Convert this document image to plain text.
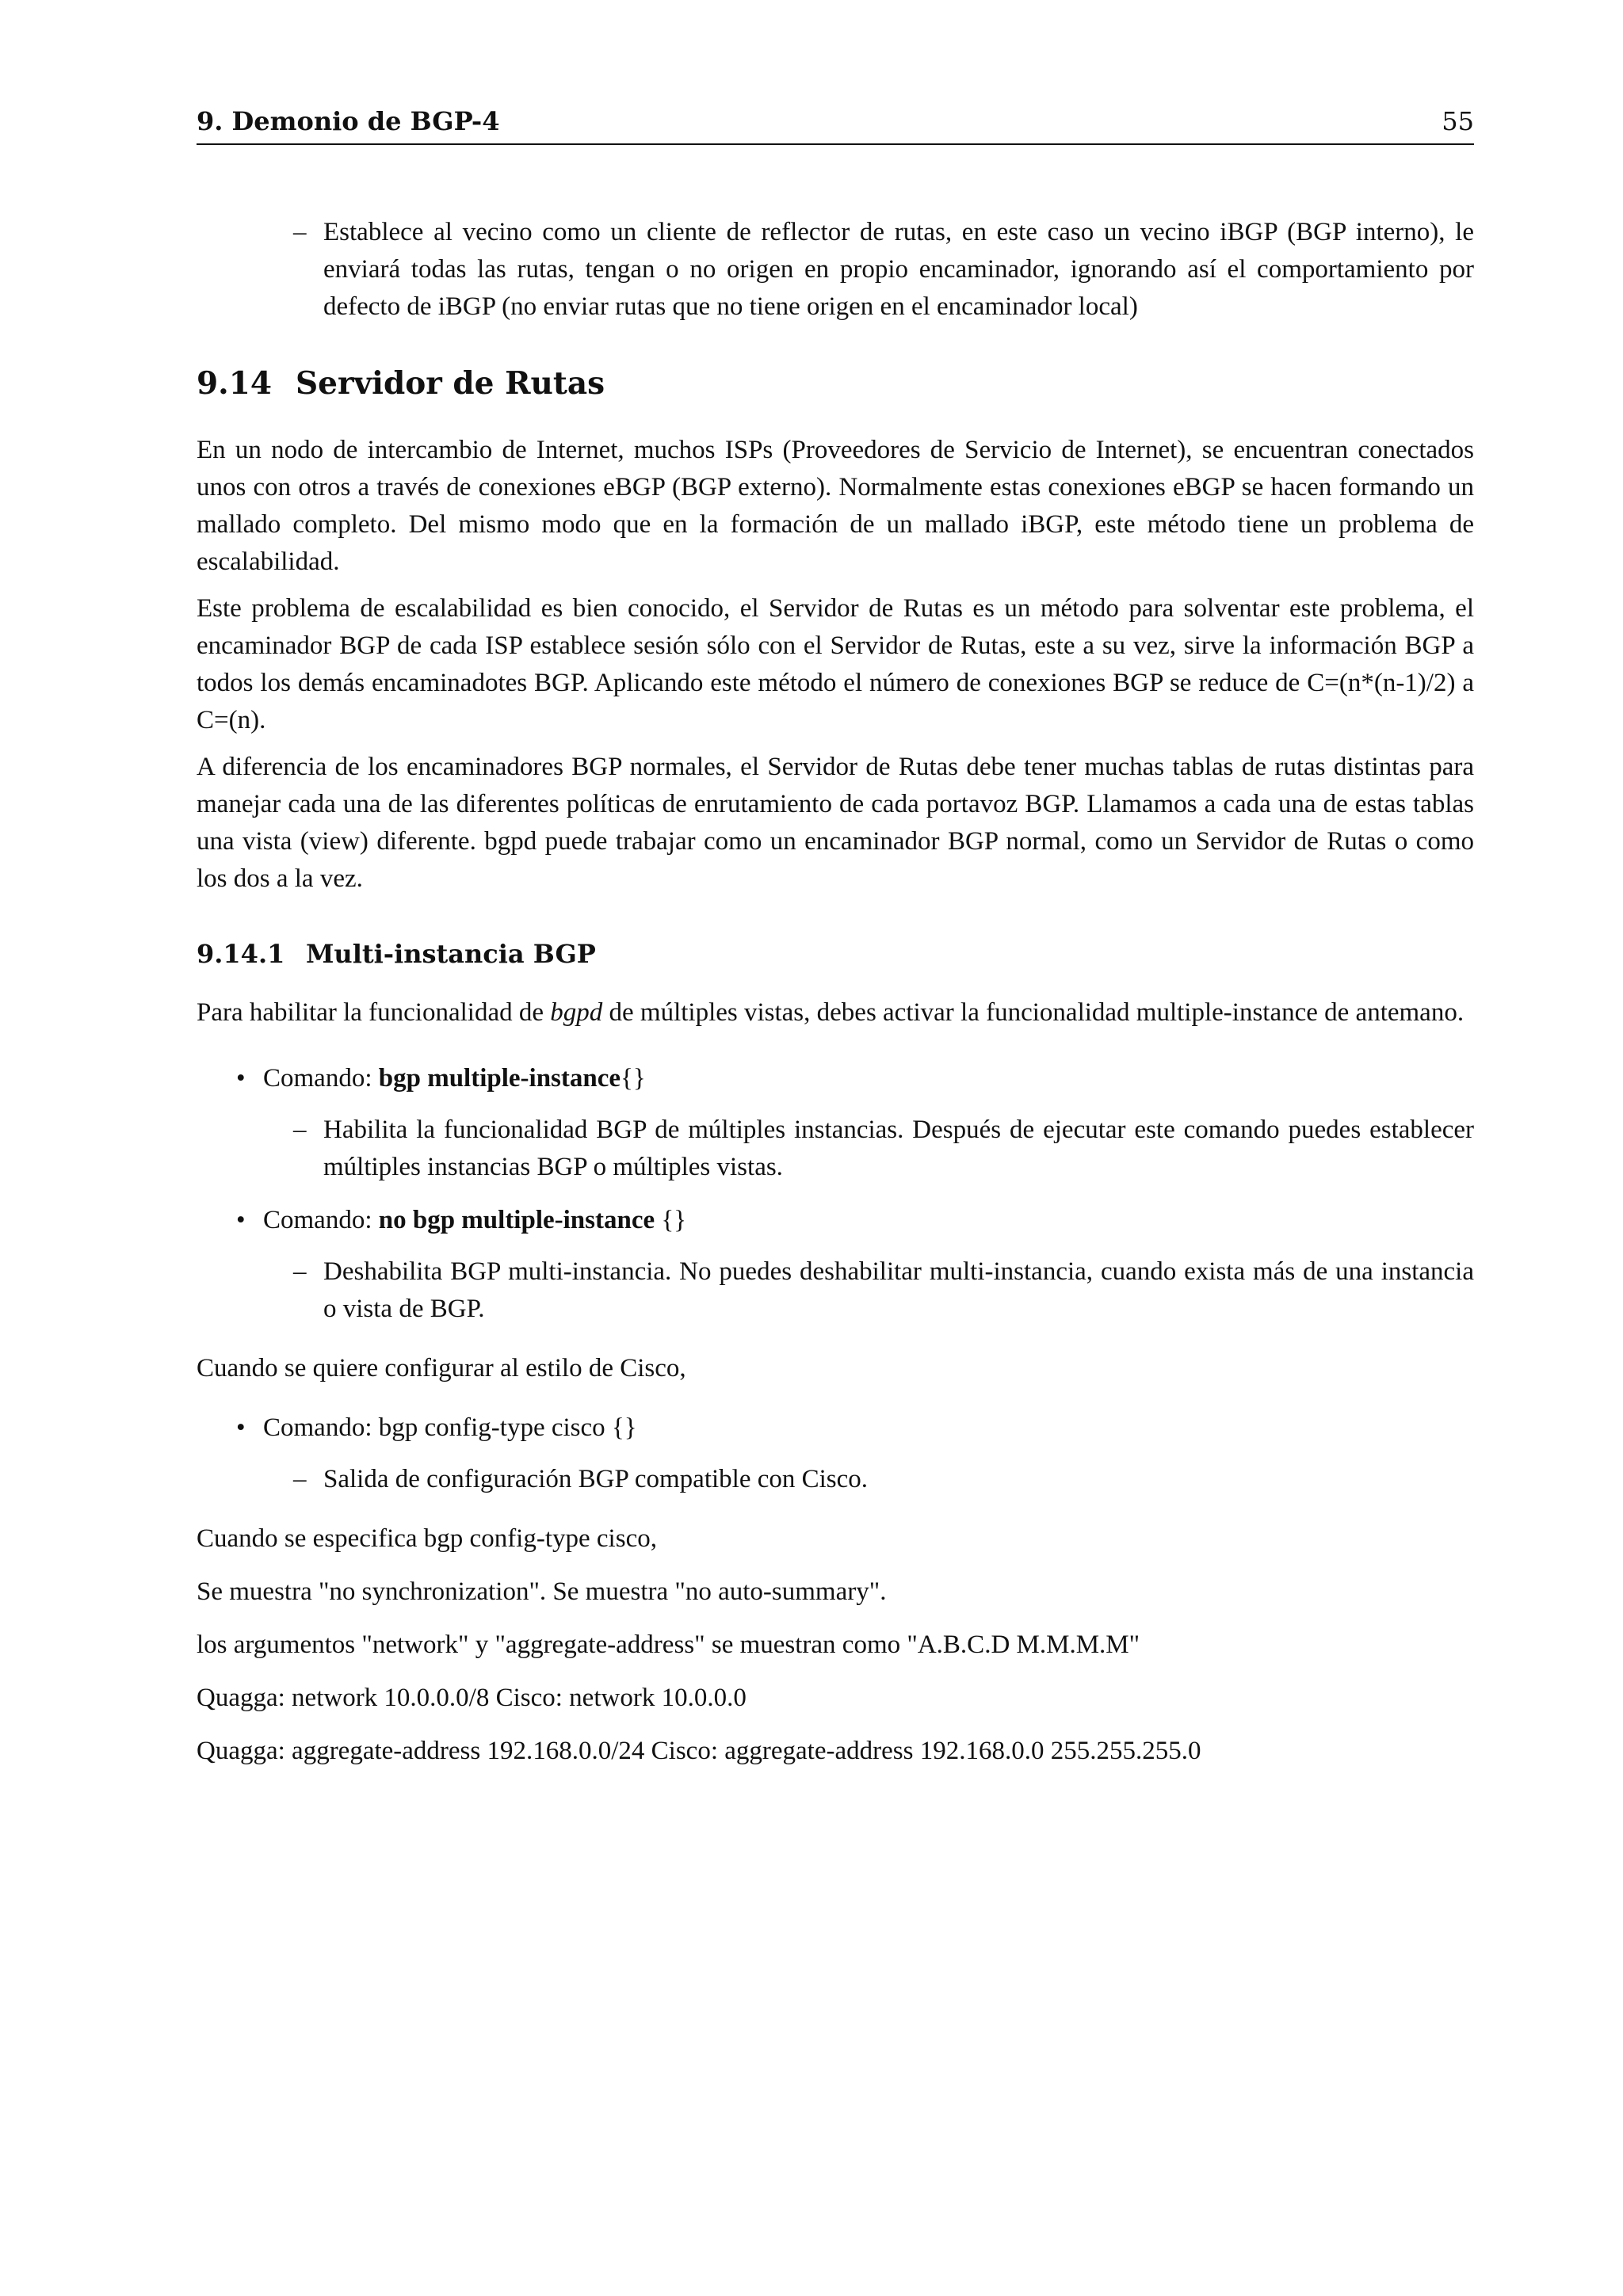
9. Demonio de BGP-4	55
– Establece al vecino como un cliente de reflector de rutas, en este caso un vecino iBGP (BGP interno), le enviará todas las rutas, tengan o no origen en propio encaminador, ignorando así el comportamiento por defecto de iBGP (no enviar rutas que no tiene origen en el encaminador local)

9.14 Servidor de Rutas

En un nodo de intercambio de Internet, muchos ISPs (Proveedores de Servicio de Internet), se encuentran conectados unos con otros a través de conexiones eBGP (BGP externo). Normalmente estas conexiones eBGP se hacen formando un mallado completo. Del mismo modo que en la formación de un mallado iBGP, este método tiene un problema de escalabilidad.

Este problema de escalabilidad es bien conocido, el Servidor de Rutas es un método para solventar este problema, el encaminador BGP de cada ISP establece sesión sólo con el Servidor de Rutas, este a su vez, sirve la información BGP a todos los demás encaminadotes BGP. Aplicando este método el número de conexiones BGP se reduce de C=(n*(n-1)/2) a C=(n).

A diferencia de los encaminadores BGP normales, el Servidor de Rutas debe tener muchas tablas de rutas distintas para manejar cada una de las diferentes políticas de enrutamiento de cada portavoz BGP. Llamamos a cada una de estas tablas una vista (view) diferente. bgpd puede trabajar como un encaminador BGP normal, como un Servidor de Rutas o como los dos a la vez.

9.14.1 Multi-instancia BGP

Para habilitar la funcionalidad de bgpd de múltiples vistas, debes activar la funcionalidad multiple-instance de antemano.

• Comando: bgp multiple-instance{}

– Habilita la funcionalidad BGP de múltiples instancias. Después de ejecutar este comando puedes establecer múltiples instancias BGP o múltiples vistas.

• Comando: no bgp multiple-instance {}

– Deshabilita BGP multi-instancia. No puedes deshabilitar multi-instancia, cuando exista más de una instancia o vista de BGP.

Cuando se quiere configurar al estilo de Cisco,

• Comando: bgp config-type cisco {}

– Salida de configuración BGP compatible con Cisco.

Cuando se especifica bgp config-type cisco,

Se muestra "no synchronization". Se muestra "no auto-summary".

los argumentos "network" y "aggregate-address" se muestran como "A.B.C.D M.M.M.M"

Quagga: network 10.0.0.0/8 Cisco: network 10.0.0.0

Quagga: aggregate-address 192.168.0.0/24 Cisco: aggregate-address 192.168.0.0 255.255.255.0
